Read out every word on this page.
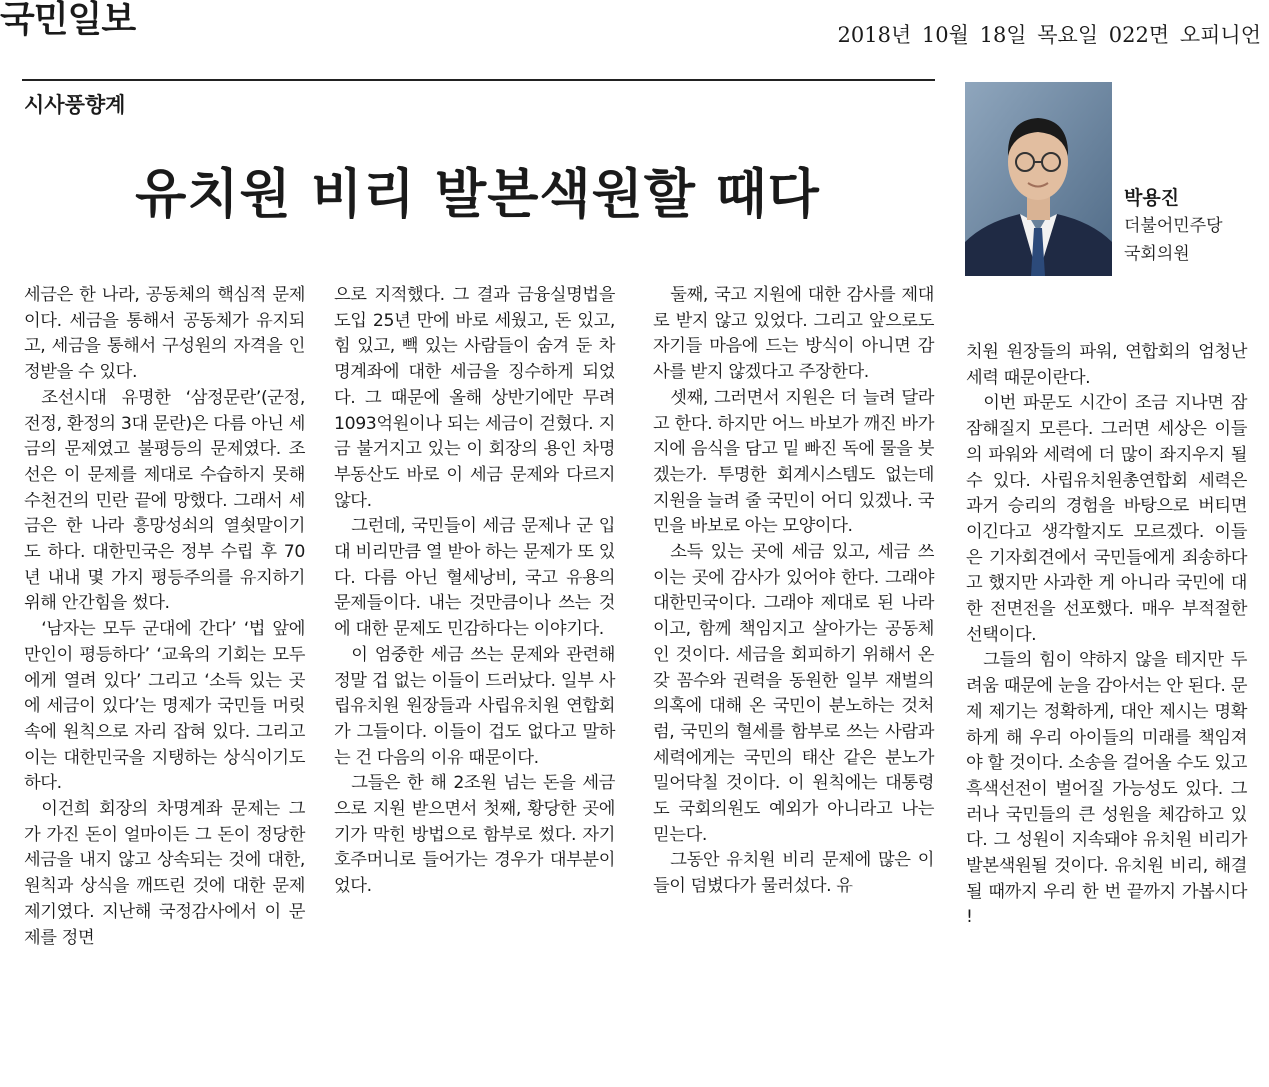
국민일보	2018년 10월 18일 목요일 022면 오피니언
시사풍향계
유치원 비리 발본색원할 때다	박용진
더불어민주당
국회의원

세금은 한 나라, 공동체의 핵심적 문제이다. 세금을 통해서 공동체가 유지되고, 세금을 통해서 구성원의 자격을 인정받을 수 있다.

조선시대 유명한 ‘삼정문란’(군정, 전정, 환정의 3대 문란)은 다름 아닌 세금의 문제였고 불평등의 문제였다. 조선은 이 문제를 제대로 수습하지 못해 수천건의 민란 끝에 망했다. 그래서 세금은 한 나라 흥망성쇠의 열쇳말이기도 하다. 대한민국은 정부 수립 후 70년 내내 몇 가지 평등주의를 유지하기 위해 안간힘을 썼다.

‘남자는 모두 군대에 간다’ ‘법 앞에 만인이 평등하다’ ‘교육의 기회는 모두에게 열려 있다’ 그리고 ‘소득 있는 곳에 세금이 있다’는 명제가 국민들 머릿속에 원칙으로 자리 잡혀 있다. 그리고 이는 대한민국을 지탱하는 상식이기도 하다.

이건희 회장의 차명계좌 문제는 그가 가진 돈이 얼마이든 그 돈이 정당한 세금을 내지 않고 상속되는 것에 대한, 원칙과 상식을 깨뜨린 것에 대한 문제 제기였다. 지난해 국정감사에서 이 문제를 정면

으로 지적했다. 그 결과 금융실명법을 도입 25년 만에 바로 세웠고, 돈 있고, 힘 있고, 빽 있는 사람들이 숨겨 둔 차명계좌에 대한 세금을 징수하게 되었다. 그 때문에 올해 상반기에만 무려 1093억원이나 되는 세금이 걷혔다. 지금 불거지고 있는 이 회장의 용인 차명부동산도 바로 이 세금 문제와 다르지 않다.

그런데, 국민들이 세금 문제나 군 입대 비리만큼 열 받아 하는 문제가 또 있다. 다름 아닌 혈세낭비, 국고 유용의 문제들이다. 내는 것만큼이나 쓰는 것에 대한 문제도 민감하다는 이야기다.

이 엄중한 세금 쓰는 문제와 관련해 정말 겁 없는 이들이 드러났다. 일부 사립유치원 원장들과 사립유치원 연합회가 그들이다. 이들이 겁도 없다고 말하는 건 다음의 이유 때문이다.

그들은 한 해 2조원 넘는 돈을 세금으로 지원 받으면서 첫째, 황당한 곳에 기가 막힌 방법으로 함부로 썼다. 자기 호주머니로 들어가는 경우가 대부분이었다.

둘째, 국고 지원에 대한 감사를 제대로 받지 않고 있었다. 그리고 앞으로도 자기들 마음에 드는 방식이 아니면 감사를 받지 않겠다고 주장한다.

셋째, 그러면서 지원은 더 늘려 달라고 한다. 하지만 어느 바보가 깨진 바가지에 음식을 담고 밑 빠진 독에 물을 붓겠는가. 투명한 회계시스템도 없는데 지원을 늘려 줄 국민이 어디 있겠나. 국민을 바보로 아는 모양이다.

소득 있는 곳에 세금 있고, 세금 쓰이는 곳에 감사가 있어야 한다. 그래야 대한민국이다. 그래야 제대로 된 나라이고, 함께 책임지고 살아가는 공동체인 것이다. 세금을 회피하기 위해서 온갖 꼼수와 권력을 동원한 일부 재벌의 의혹에 대해 온 국민이 분노하는 것처럼, 국민의 혈세를 함부로 쓰는 사람과 세력에게는 국민의 태산 같은 분노가 밀어닥칠 것이다. 이 원칙에는 대통령도 국회의원도 예외가 아니라고 나는 믿는다.

그동안 유치원 비리 문제에 많은 이들이 덤볐다가 물러섰다. 유

치원 원장들의 파워, 연합회의 엄청난 세력 때문이란다.

이번 파문도 시간이 조금 지나면 잠잠해질지 모른다. 그러면 세상은 이들의 파워와 세력에 더 많이 좌지우지 될 수 있다. 사립유치원총연합회 세력은 과거 승리의 경험을 바탕으로 버티면 이긴다고 생각할지도 모르겠다. 이들은 기자회견에서 국민들에게 죄송하다고 했지만 사과한 게 아니라 국민에 대한 전면전을 선포했다. 매우 부적절한 선택이다.

그들의 힘이 약하지 않을 테지만 두려움 때문에 눈을 감아서는 안 된다. 문제 제기는 정확하게, 대안 제시는 명확하게 해 우리 아이들의 미래를 책임져야 할 것이다. 소송을 걸어올 수도 있고 흑색선전이 벌어질 가능성도 있다. 그러나 국민들의 큰 성원을 체감하고 있다. 그 성원이 지속돼야 유치원 비리가 발본색원될 것이다. 유치원 비리, 해결될 때까지 우리 한 번 끝까지 가봅시다 !
